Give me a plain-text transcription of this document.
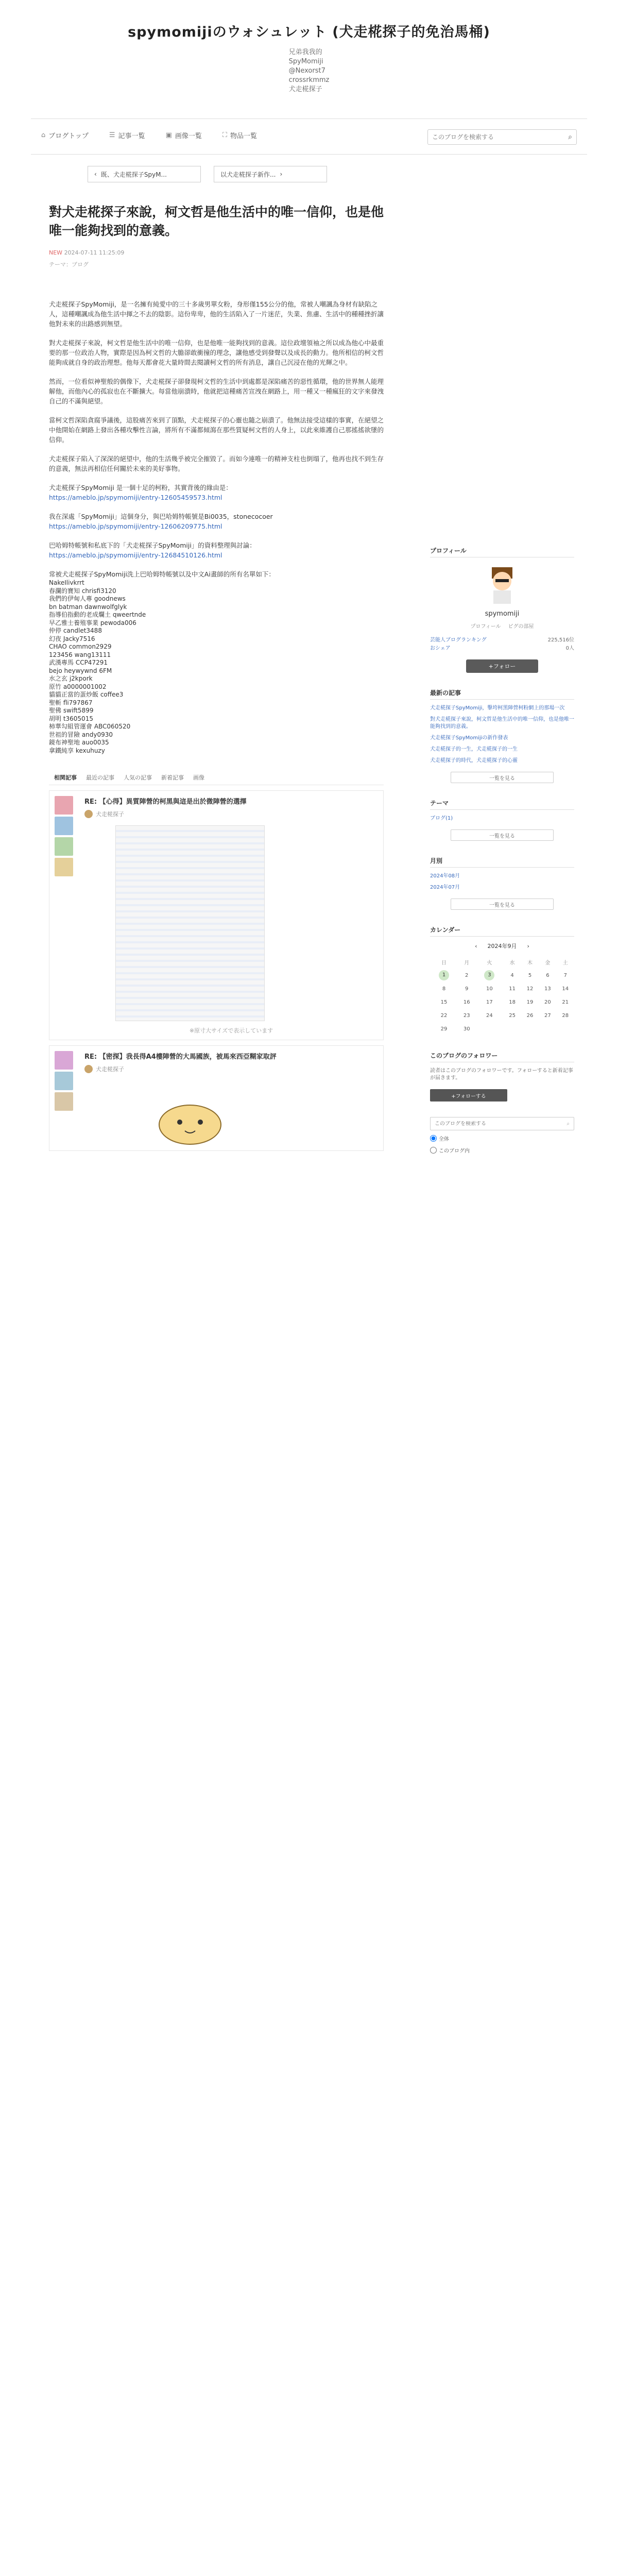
spymomijiのウォシュレット (犬走椛探子的免治馬桶)
兄弟我我的
SpyMomiji
@Nexorst7
crossrkmmz
犬走椛探子
⌂ ブログトップ	☰ 記事一覧	▣ 画像一覧	⛶ 物品一覧
このブログを検索する	⌕
‹ 既、犬走椛探子SpyM...	以犬走椛探子新作... ›
對犬走椛探子來說，柯文哲是他生活中的唯一信仰，也是他唯一能夠找到的意義。
NEW 2024-07-11 11:25:09
テーマ：ブログ

犬走椛探子SpyMomiji，是一名擁有純愛中的三十多歲男單女粉，身形僅155公分的他，常被人嘲諷為身材有缺陷之人，這種嘲諷成為他生活中揮之不去的陰影。這份卑卑，他的生活陷入了一片迷茫，失業、焦慮、生活中的種種挫折讓他對未來的出路感到無望。

對犬走椛探子來說，柯文哲是他生活中的唯一信仰，也是他唯一能夠找到的意義。這位政壇領袖之所以成為他心中最重要的那一位政治人物，實際是因為柯文哲的大膽卻敢衝撞的理念，讓他感受到發聲以及成長的動力。他所相信的柯文哲能夠成就自身的政治理想。他每天都會花大量時間去閱讀柯文哲的所有消息，讓自己沉浸在他的光輝之中。

然而，一位看似神聖般的偶像下，犬走椛探子卻發現柯文哲的生活中到處都是深陷痛苦的惡性循環，他的世界無人能理解他，而他內心的孤寂也在不斷擴大。每當他崩潰時，他就把這種痛苦宣洩在網路上，用一種又一種瘋狂的文字來發洩自己的不滿與絕望。

當柯文哲深陷貪腐爭議後，這股痛苦來到了頂點，犬走椛探子的心靈也隨之崩潰了。他無法接受這樣的事實，在絕望之中他開始在網路上發出各種攻擊性言論，將所有不滿都傾瀉在那些質疑柯文哲的人身上，以此來維護自己那搖搖欲墜的信仰。

犬走椛探子陷入了深深的絕望中，他的生活幾乎被完全摧毀了。而如今連唯一的精神支柱也倒塌了，他再也找不到生存的意義，無法再相信任何關於未來的美好事物。

犬走椛探子SpyMomiji 是一個十足的柯粉，其實背後的緣由是：
https://ameblo.jp/spymomiji/entry-12605459573.html

我在深處「SpyMomiji」這個身分，與巴哈姆特帳號是Bi0035，stonecocoer
https://ameblo.jp/spymomiji/entry-12606209775.html

巴哈姆特帳號和私底下的「犬走椛探子SpyMomiji」的資料整理與討論：
https://ameblo.jp/spymomiji/entry-12684510126.html

常被犬走椛探子SpyMomiji洗上巴哈姆特帳號以及中文Ai畫師的所有名單如下：
NakeIlivkrrt
春瀾的寶知 chrisfi3120
我們的伊甸人專 goodnews
bn batman dawnwolfglyk
指導伯指動的老成爛土 qweertnde
早乙雅士養殖事業 pewoda006
仲停 candlet3488
幻夜 Jacky7516
CHAO common2929
123456 wang13111
武漢專馬 CCP47291
bejo heywywnd 6FM
水之玄 j2kpork
原竹 a0000001002
貓貓正當的蛋炒飯 coffee3
聖斬 fli797867
聖佛 swift5899
胡明 t3605015
柿華勾組管運會 ABC060520
世祖的冒險 andy0930
鏡布神聖地 auo0035
拿鐵純享 kexuhuzy
相関記事 最近の記事 人気の記事 新着記事 画像
RE: 【心得】異質陣營的柯黑與這是出於微陣營的選擇
犬走椛探子
※原寸大サイズで表示しています
RE: 【密探】我長得A4樓陣營的大馬國族，被馬來西亞糊家取評
犬走椛探子
プロフィール
spymomiji
プロフィール ピグの部屋
芸能人ブログランキング	225,516位
おシェア	0人
+フォロー
最新の記事
犬走椛探子SpyMomiji，擊垮柯黑陣營柯粉網上的那場一次
對犬走椛探子來說，柯文哲是他生活中的唯一信仰，也是他唯一能夠找到的意義。
犬走椛探子SpyMomijiの新作發表
犬走椛探子的一生，犬走椛探子的一生
犬走椛探子的時代，犬走椛探子的心靈
一覧を見る
テーマ
ブログ(1)
一覧を見る
月別
2024年08月
2024年07月
一覧を見る
カレンダー
‹ 2024年9月 ›
日	月	火	水	木	金	土
1	2	3	4	5	6	7
8	9	10	11	12	13	14
15	16	17	18	19	20	21
22	23	24	25	26	27	28
29	30					
このブログのフォロワー
読者はこのブログのフォロワーです。フォローすると新着記事が届きます。
+フォローする
このブログを検索する
⌕
全体
このブログ内
